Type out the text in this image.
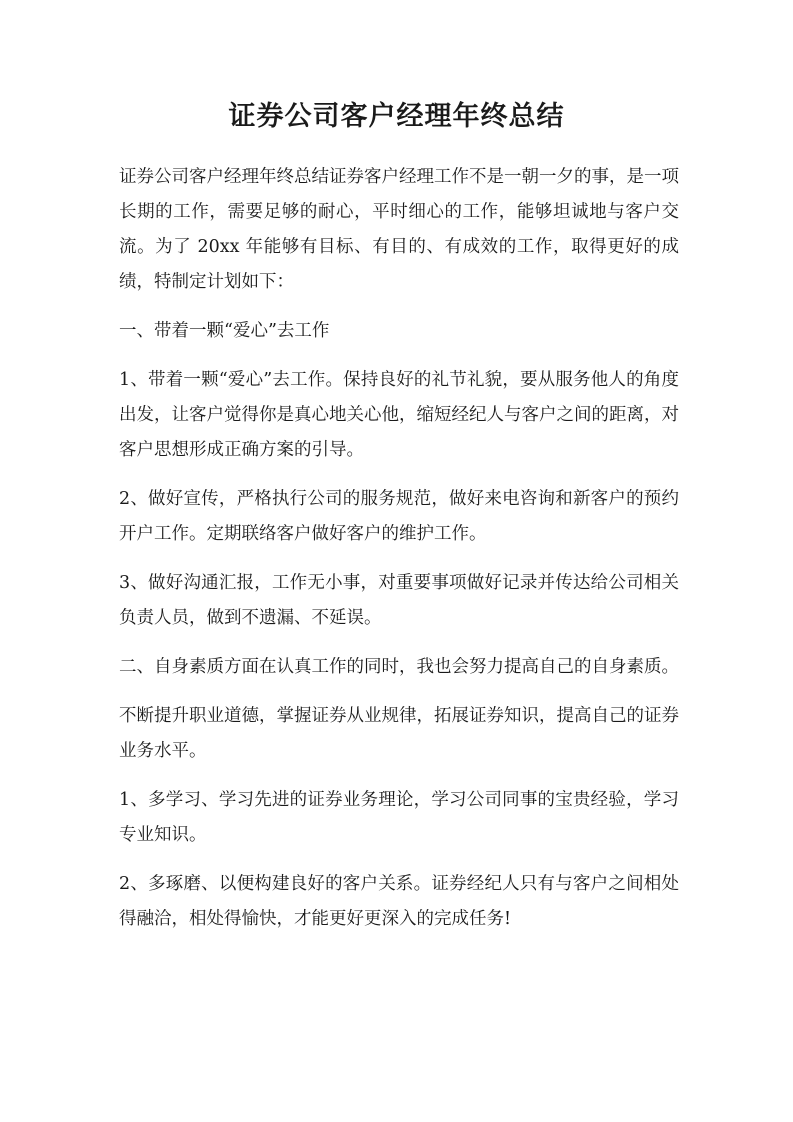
证券公司客户经理年终总结

证券公司客户经理年终总结证券客户经理工作不是一朝一夕的事，是一项长期的工作，需要足够的耐心，平时细心的工作，能够坦诚地与客户交流。为了 20xx 年能够有目标、有目的、有成效的工作，取得更好的成绩，特制定计划如下：

一、带着一颗“爱心”去工作

1、带着一颗“爱心”去工作。保持良好的礼节礼貌，要从服务他人的角度出发，让客户觉得你是真心地关心他，缩短经纪人与客户之间的距离，对客户思想形成正确方案的引导。

2、做好宣传，严格执行公司的服务规范，做好来电咨询和新客户的预约开户工作。定期联络客户做好客户的维护工作。

3、做好沟通汇报，工作无小事，对重要事项做好记录并传达给公司相关负责人员，做到不遗漏、不延误。

二、自身素质方面在认真工作的同时，我也会努力提高自己的自身素质。

不断提升职业道德，掌握证券从业规律，拓展证券知识，提高自己的证券业务水平。

1、多学习、学习先进的证券业务理论，学习公司同事的宝贵经验，学习专业知识。

2、多琢磨、以便构建良好的客户关系。证券经纪人只有与客户之间相处得融洽，相处得愉快，才能更好更深入的完成任务!
